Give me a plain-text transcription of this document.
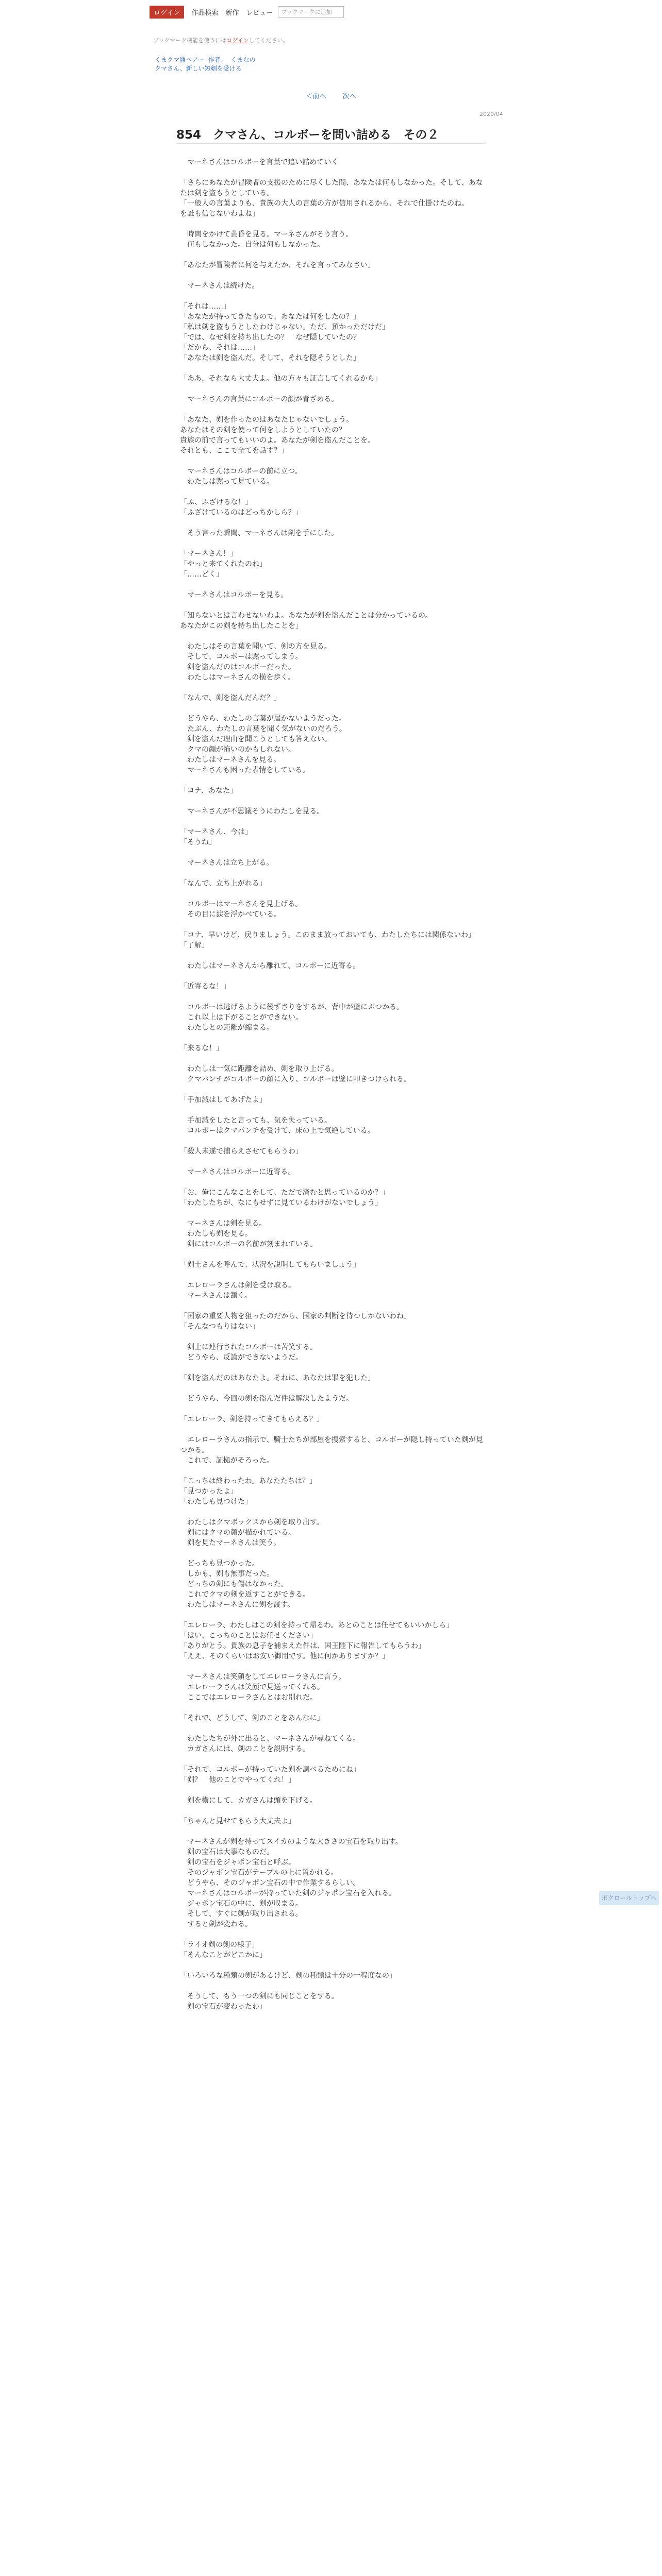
ログイン	作品検索 新作 レビュー
ブックマークに追加
ブックマーク機能を使うにはログインしてください。
くまクマ熊ベアー 作者： くまなの
クマさん、新しい短剣を受ける
＜前へ 次へ
2020/04
854　クマさん、コルボーを問い詰める　その２
　マーネさんはコルボーを言葉で追い詰めていく
「さらにあなたが冒険者の支援のために尽くした間、あなたは何もしなかった。そして、あなたは剣を盗もうとしている。
「一般人の言葉よりも、貴族の大人の言葉の方が信用されるから、それで仕掛けたのね。
を誰も信じないわよね」
　時間をかけて黄昏を見る。マーネさんがそう言う。
　何もしなかった。自分は何もしなかった。
「あなたが冒険者に何を与えたか、それを言ってみなさい」
　マーネさんは続けた。
「それは……」
「あなたが持ってきたもので、あなたは何をしたの？」
「私は剣を盗もうとしたわけじゃない。ただ、預かっただけだ」
「では、なぜ剣を持ち出したの？　なぜ隠していたの？
「だから、それは……」
「あなたは剣を盗んだ。そして、それを隠そうとした」
「ああ、それなら大丈夫よ。他の方々も証言してくれるから」
　マーネさんの言葉にコルボーの顔が青ざめる。
「あなた、剣を作ったのはあなたじゃないでしょう。
あなたはその剣を使って何をしようとしていたの？
貴族の前で言ってもいいのよ。あなたが剣を盗んだことを。
それとも、ここで全てを話す？」
　マーネさんはコルボーの前に立つ。
　わたしは黙って見ている。
「ふ、ふざけるな！」
「ふざけているのはどっちかしら？」
　そう言った瞬間、マーネさんは剣を手にした。
「マーネさん！」
「やっと来てくれたのね」
「……どく」
　マーネさんはコルボーを見る。
「知らないとは言わせないわよ。あなたが剣を盗んだことは分かっているの。
あなたがこの剣を持ち出したことを」
　わたしはその言葉を聞いて、剣の方を見る。
　そして、コルボーは黙ってしまう。
　剣を盗んだのはコルボーだった。
　わたしはマーネさんの横を歩く。
「なんで、剣を盗んだんだ？」
　どうやら、わたしの言葉が届かないようだった。
　たぶん、わたしの言葉を聞く気がないのだろう。
　剣を盗んだ理由を聞こうとしても答えない。
　クマの顔が怖いのかもしれない。
　わたしはマーネさんを見る。
　マーネさんも困った表情をしている。
「コナ、あなた」
　マーネさんが不思議そうにわたしを見る。
「マーネさん、今は」
「そうね」
　マーネさんは立ち上がる。
「なんで、立ち上がれる」
　コルボーはマーネさんを見上げる。
　その目に涙を浮かべている。
「コナ、早いけど、戻りましょう。このまま放っておいても、わたしたちには関係ないわ」
「了解」
　わたしはマーネさんから離れて、コルボーに近寄る。
「近寄るな！」
　コルボーは逃げるように後ずさりをするが、背中が壁にぶつかる。
　これ以上は下がることができない。
　わたしとの距離が縮まる。
「来るな！」
　わたしは一気に距離を詰め、剣を取り上げる。
　クマパンチがコルボーの顔に入り、コルボーは壁に叩きつけられる。
「手加減はしてあげたよ」
　手加減をしたと言っても、気を失っている。
　コルボーはクマパンチを受けて、床の上で気絶している。
「殺人未遂で捕らえさせてもらうわ」
　マーネさんはコルボーに近寄る。
「お、俺にこんなことをして、ただで済むと思っているのか？」
「わたしたちが、なにもせずに見ているわけがないでしょう」
　マーネさんは剣を見る。
　わたしも剣を見る。
　剣にはコルボーの名前が刻まれている。
「剣士さんを呼んで、状況を説明してもらいましょう」
　エレローラさんは剣を受け取る。
　マーネさんは頷く。
「国家の重要人物を狙ったのだから、国家の判断を待つしかないわね」
「そんなつもりはない」
　剣士に連行されたコルボーは苦笑する。
　どうやら、反論ができないようだ。
「剣を盗んだのはあなたよ。それに、あなたは罪を犯した」
　どうやら、今回の剣を盗んだ件は解決したようだ。
「エレローラ、剣を持ってきてもらえる？」
　エレローラさんの指示で、騎士たちが部屋を捜索すると、コルボーが隠し持っていた剣が見つかる。
　これで、証拠がそろった。
「こっちは終わったわ。あなたたちは？」
「見つかったよ」
「わたしも見つけた」
　わたしはクマボックスから剣を取り出す。
　剣にはクマの顔が描かれている。
　剣を見たマーネさんは笑う。
　どっちも見つかった。
　しかも、剣も無事だった。
　どっちの剣にも傷はなかった。
　これでクマの剣を返すことができる。
　わたしはマーネさんに剣を渡す。
「エレローラ、わたしはこの剣を持って帰るわ。あとのことは任せてもいいかしら」
「はい、こっちのことはお任せください」
「ありがとう。貴族の息子を捕まえた件は、国王陛下に報告してもらうわ」
「ええ、そのくらいはお安い御用です。他に何かありますか？」
　マーネさんは笑顔をしてエレローラさんに言う。
　エレローラさんは笑顔で見送ってくれる。
　ここではエレローラさんとはお別れだ。
「それで、どうして、剣のことをあんなに」
　わたしたちが外に出ると、マーネさんが尋ねてくる。
　カガさんには、剣のことを説明する。
「それで、コルボーが持っていた剣を調べるためにね」
「剣？　他のことでやってくれ！」
　剣を横にして、カガさんは頭を下げる。
「ちゃんと見せてもらう大丈夫よ」
　マーネさんが剣を持ってスイカのような大きさの宝石を取り出す。
　剣の宝石は大事なものだ。
　剣の宝石をジャポン宝石と呼ぶ。
　そのジャポン宝石がテーブルの上に置かれる。
　どうやら、そのジャポン宝石の中で作業するらしい。
　マーネさんはコルボーが持っていた剣のジャポン宝石を入れる。
　ジャポン宝石の中に、剣が収まる。
　そして、すぐに剣が取り出される。
　すると剣が変わる。
「ライオ剣の剣の様子」
「そんなことがどこかに」
「いろいろな種類の剣があるけど、剣の種類は十分の一程度なの」
　そうして、もう一つの剣にも同じことをする。
　剣の宝石が変わったわ」
ボクロールトップへ
